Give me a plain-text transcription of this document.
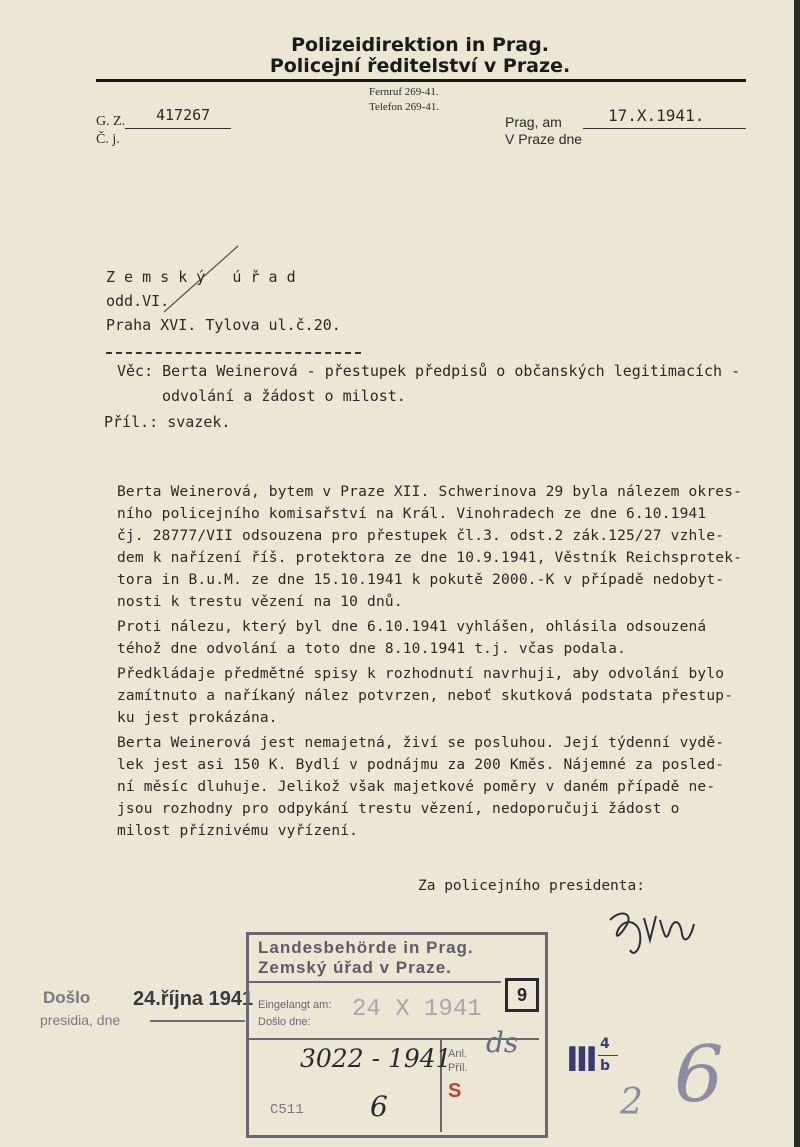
Polizeidirektion in Prag.
Policejní ředitelství v Praze.
G. Z.
Č. j.
417267
Fernruf 269-41.
Telefon 269-41.
Prag, am
V Praze dne
17.X.1941.
Z e m s k ý   ú ř a d
odd.VI.
Praha XVI. Tylova ul.č.20.
Věc: Berta Weinerová - přestupek předpisů o občanských legitimacích -
odvolání a žádost o milost.
Příl.: svazek.
Berta Weinerová, bytem v Praze XII. Schwerinova 29 byla nálezem okres-
ního policejního komisařství na Král. Vinohradech ze dne 6.10.1941
čj. 28777/VII odsouzena pro přestupek čl.3. odst.2 zák.125/27 vzhle-
dem k nařízení říš. protektora ze dne 10.9.1941, Věstník Reichsprotek-
tora in B.u.M. ze dne 15.10.1941 k pokutě 2000.-K v případě nedobyt-
nosti k trestu vězení na 10 dnů.
Proti nálezu, který byl dne 6.10.1941 vyhlášen, ohlásila odsouzená
téhož dne odvolání a toto dne 8.10.1941 t.j. včas podala.
Předkládaje předmětné spisy k rozhodnutí navrhuji, aby odvolání bylo
zamítnuto a naříkaný nález potvrzen, neboť skutková podstata přestup-
ku jest prokázána.
Berta Weinerová jest nemajetná, živí se posluhou. Její týdenní vydě-
lek jest asi 150 K. Bydlí v podnájmu za 200 Kměs. Nájemné za posled-
ní měsíc dluhuje. Jelikož však majetkové poměry v daném případě ne-
jsou rozhodny pro odpykání trestu vězení, nedoporučuji žádost o
milost příznivému vyřízení.
Za policejního presidenta:
Došlo
presidia, dne
24.října 1941
Landesbehörde in Prag.
Zemský úřad v Praze.
Eingelangt am:
Došlo dne: 24 X 1941
9
3022 - 1941
Anl.
Příl.
S
ds
C511 6
III 4
b
2 6
